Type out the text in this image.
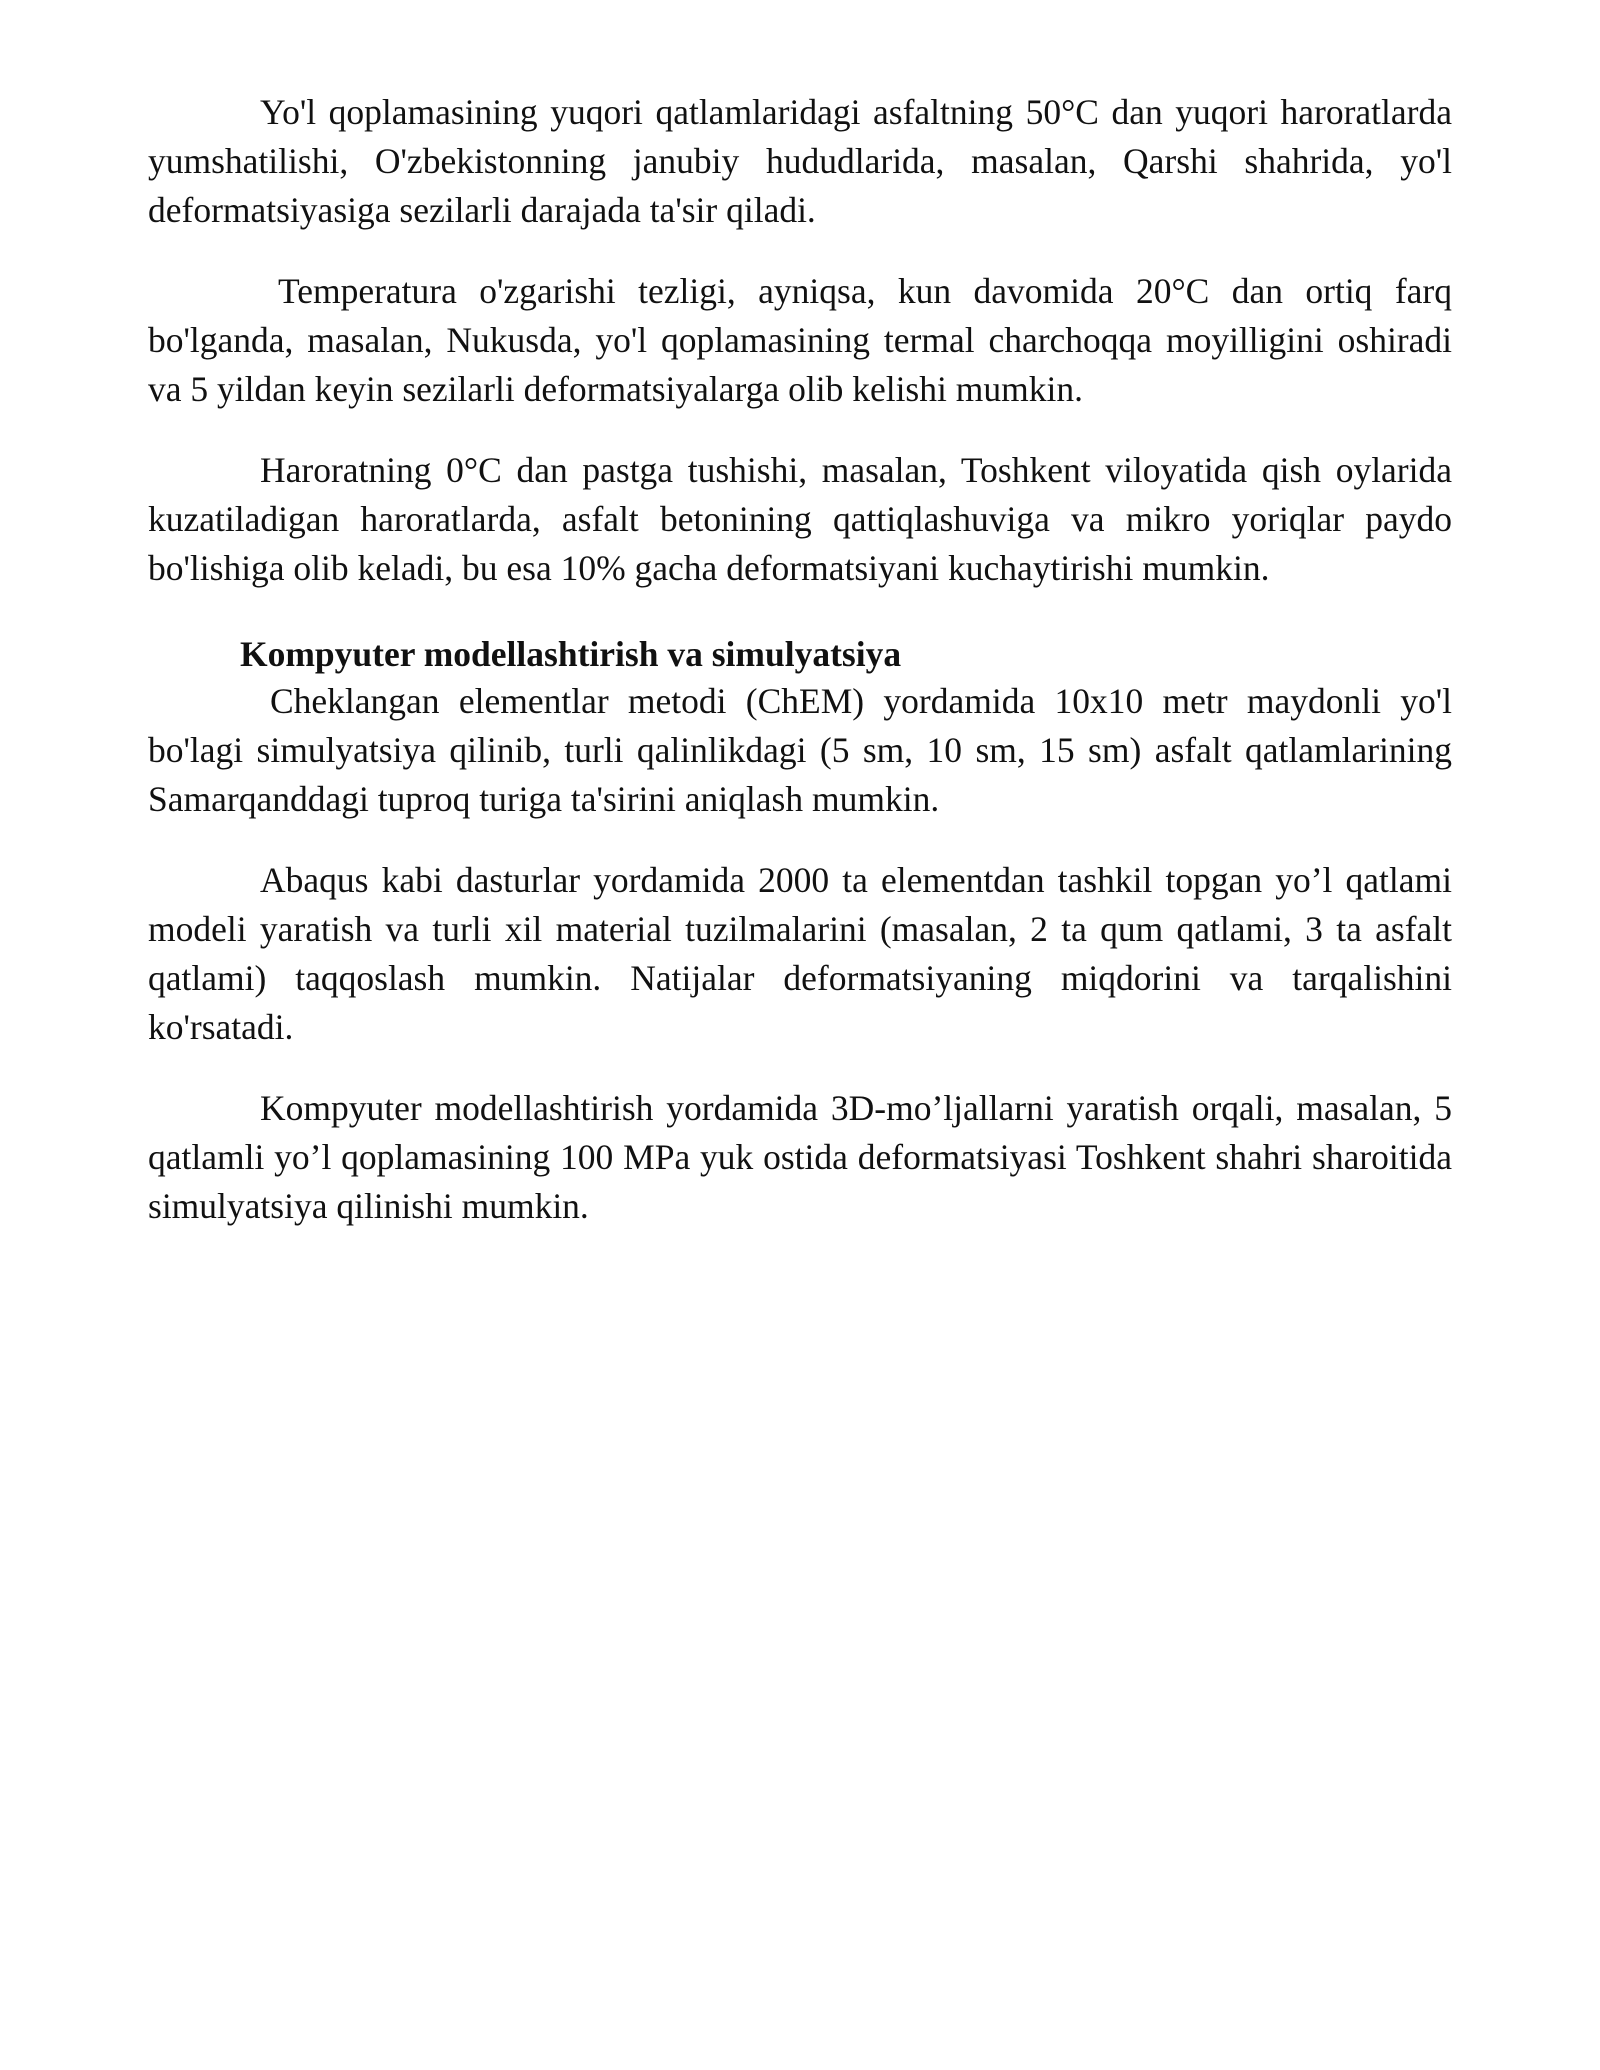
Yo'l qoplamasining yuqori qatlamlaridagi asfaltning 50°C dan yuqori haroratlarda yumshatilishi, O'zbekistonning janubiy hududlarida, masalan, Qarshi shahrida, yo'l deformatsiyasiga sezilarli darajada ta'sir qiladi.

Temperatura o'zgarishi tezligi, ayniqsa, kun davomida 20°C dan ortiq farq bo'lganda, masalan, Nukusda, yo'l qoplamasining termal charchoqqa moyilligini oshiradi va 5 yildan keyin sezilarli deformatsiyalarga olib kelishi mumkin.

Haroratning 0°C dan pastga tushishi, masalan, Toshkent viloyatida qish oylarida kuzatiladigan haroratlarda, asfalt betonining qattiqlashuviga va mikro yoriqlar paydo bo'lishiga olib keladi, bu esa 10% gacha deformatsiyani kuchaytirishi mumkin.

Kompyuter modellashtirish va simulyatsiya

Cheklangan elementlar metodi (ChEM) yordamida 10x10 metr maydonli yo'l bo'lagi simulyatsiya qilinib, turli qalinlikdagi (5 sm, 10 sm, 15 sm) asfalt qatlamlarining Samarqanddagi tuproq turiga ta'sirini aniqlash mumkin.

Abaqus kabi dasturlar yordamida 2000 ta elementdan tashkil topgan yo’l qatlami modeli yaratish va turli xil material tuzilmalarini (masalan, 2 ta qum qatlami, 3 ta asfalt qatlami) taqqoslash mumkin. Natijalar deformatsiyaning miqdorini va tarqalishini ko'rsatadi.

Kompyuter modellashtirish yordamida 3D-mo’ljallarni yaratish orqali, masalan, 5 qatlamli yo’l qoplamasining 100 MPa yuk ostida deformatsiyasi Toshkent shahri sharoitida simulyatsiya qilinishi mumkin.
